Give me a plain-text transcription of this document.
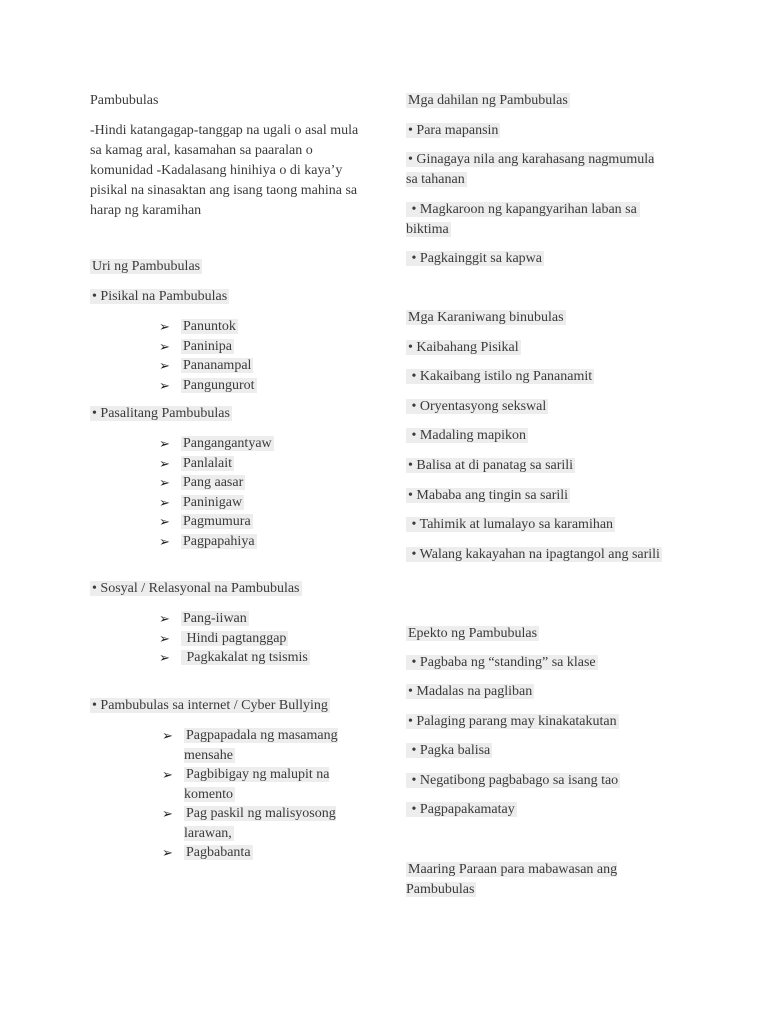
Pambubulas

-Hindi katangagap-tanggap na ugali o asal mula sa kamag aral, kasamahan sa paaralan o komunidad -Kadalasang hinihiya o di kaya’y pisikal na sinasaktan ang isang taong mahina sa harap ng karamihan

Uri ng Pambubulas

• Pisikal na Pambubulas

➢ Panuntok
➢ Paninipa
➢ Pananampal
➢ Pangungurot

• Pasalitang Pambubulas

➢ Pangangantyaw
➢ Panlalait
➢ Pang aasar
➢ Paninigaw
➢ Pagmumura
➢ Pagpapahiya

• Sosyal / Relasyonal na Pambubulas

➢ Pang-iiwan
➢ Hindi pagtanggap
➢ Pagkakalat ng tsismis

• Pambubulas sa internet / Cyber Bullying

➢ Pagpapadala ng masamang mensahe
➢ Pagbibigay ng malupit na komento
➢ Pag paskil ng malisyosong larawan,
➢ Pagbabanta

Mga dahilan ng Pambubulas

• Para mapansin

• Ginagaya nila ang karahasang nagmumula sa tahanan

• Magkaroon ng kapangyarihan laban sa biktima

• Pagkainggit sa kapwa

Mga Karaniwang binubulas

• Kaibahang Pisikal

• Kakaibang istilo ng Pananamit

• Oryentasyong sekswal

• Madaling mapikon

• Balisa at di panatag sa sarili

• Mababa ang tingin sa sarili

• Tahimik at lumalayo sa karamihan

• Walang kakayahan na ipagtangol ang sarili

Epekto ng Pambubulas

• Pagbaba ng “standing” sa klase

• Madalas na pagliban

• Palaging parang may kinakatakutan

• Pagka balisa

• Negatibong pagbabago sa isang tao

• Pagpapakamatay

Maaring Paraan para mabawasan ang Pambubulas
